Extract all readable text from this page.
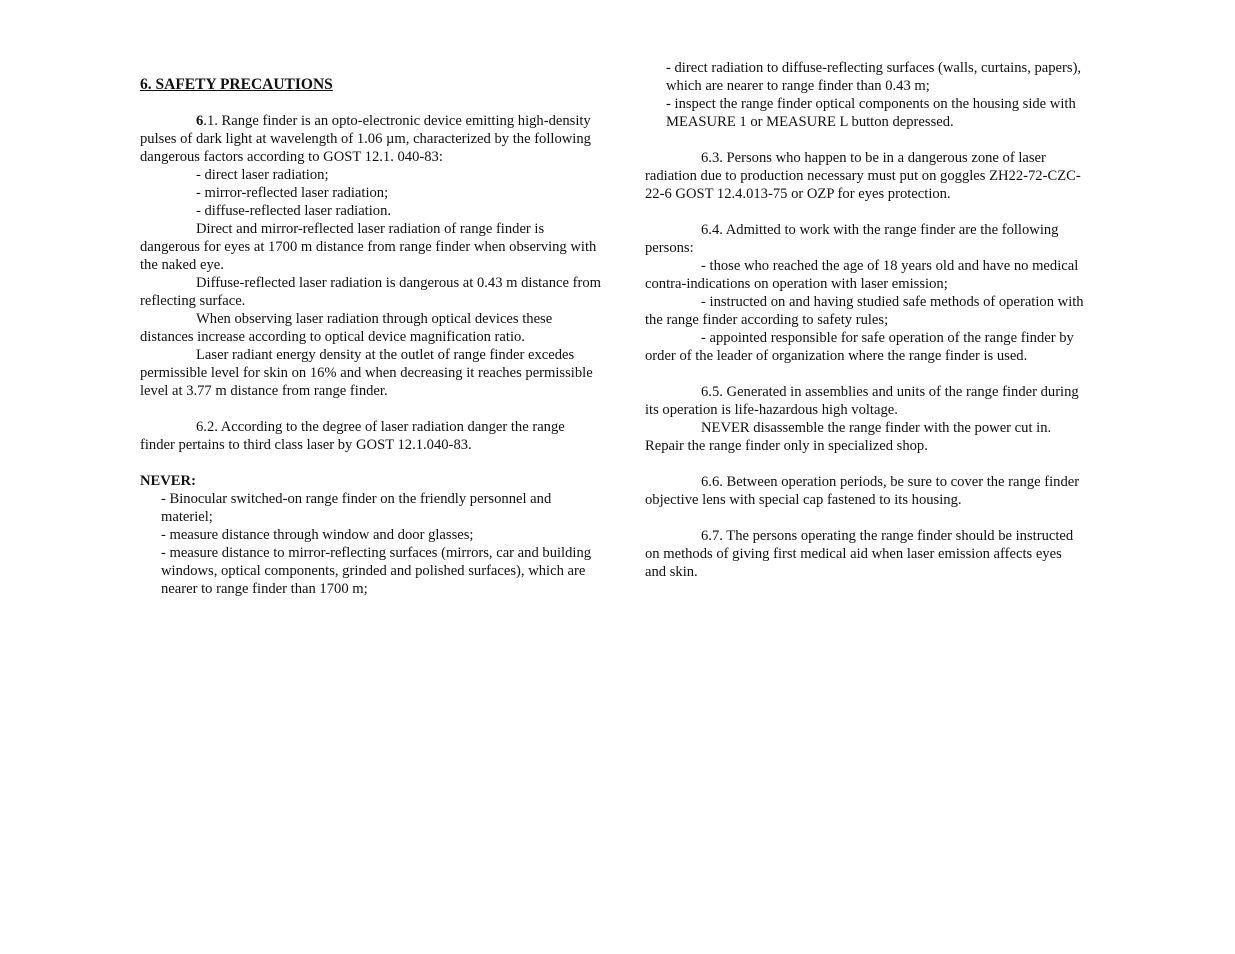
6. SAFETY PRECAUTIONS

6.1. Range finder is an opto-electronic device emitting high-density pulses of dark light at wavelength of 1.06 µm, characterized by the following dangerous factors according to GOST 12.1. 040-83:

- direct laser radiation;

- mirror-reflected laser radiation;

- diffuse-reflected laser radiation.

Direct and mirror-reflected laser radiation of range finder is dangerous for eyes at 1700 m distance from range finder when observing with the naked eye.

Diffuse-reflected laser radiation is dangerous at 0.43 m distance from reflecting surface.

When observing laser radiation through optical devices these distances increase according to optical device magnification ratio.

Laser radiant energy density at the outlet of range finder excedes permissible level for skin on 16% and when decreasing it reaches permissible level at 3.77 m distance from range finder.

6.2. According to the degree of laser radiation danger the range finder pertains to third class laser by GOST 12.1.040-83.

NEVER:

- Binocular switched-on range finder on the friendly personnel and materiel;

- measure distance through window and door glasses;

- measure distance to mirror-reflecting surfaces (mirrors, car and building windows, optical components, grinded and polished surfaces), which are nearer to range finder than 1700 m;

- direct radiation to diffuse-reflecting surfaces (walls, curtains, papers), which are nearer to range finder than 0.43 m;

- inspect the range finder optical components on the housing side with MEASURE 1 or MEASURE L button depressed.

6.3. Persons who happen to be in a dangerous zone of laser radiation due to production necessary must put on goggles ZH22-72-CZC-22-6 GOST 12.4.013-75 or OZP for eyes protection.

6.4. Admitted to work with the range finder are the following persons:

- those who reached the age of 18 years old and have no medical contra-indications on operation with laser emission;

- instructed on and having studied safe methods of operation with the range finder according to safety rules;

- appointed responsible for safe operation of the range finder by order of the leader of organization where the range finder is used.

6.5. Generated in assemblies and units of the range finder during its operation is life-hazardous high voltage.

NEVER disassemble the range finder with the power cut in. Repair the range finder only in specialized shop.

6.6. Between operation periods, be sure to cover the range finder objective lens with special cap fastened to its housing.

6.7. The persons operating the range finder should be instructed on methods of giving first medical aid when laser emission affects eyes and skin.
